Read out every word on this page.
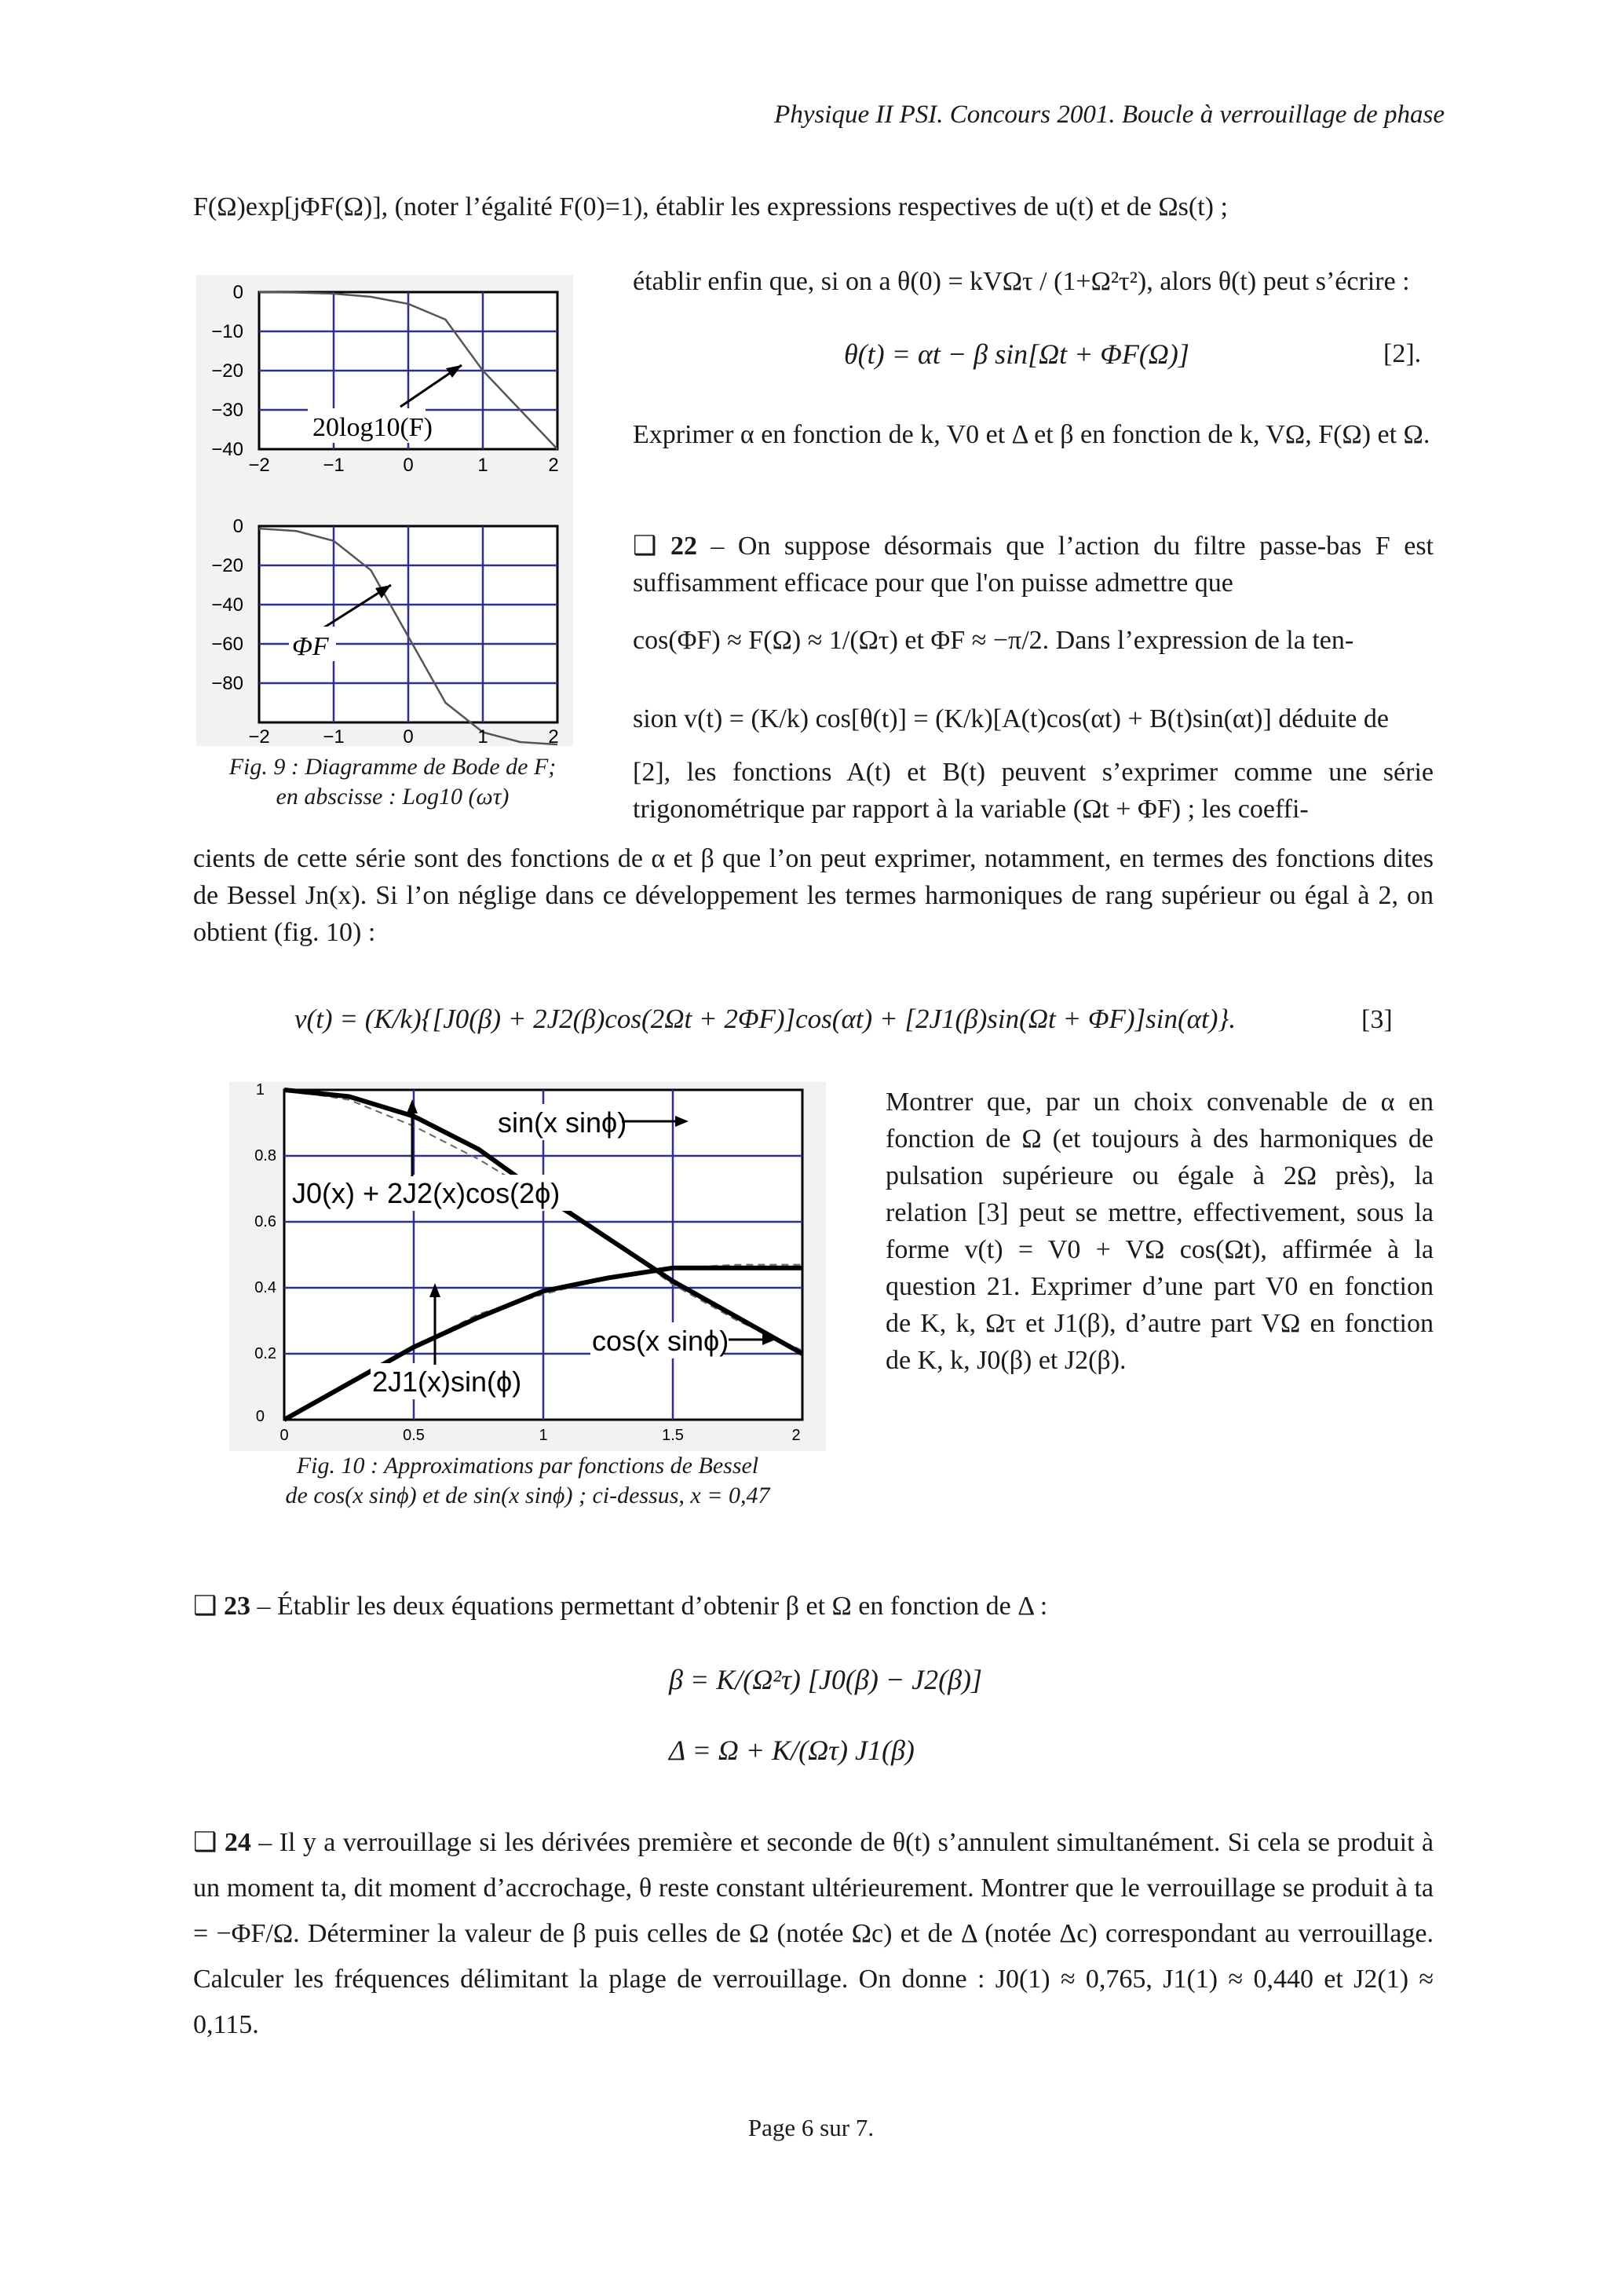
Physique II PSI. Concours 2001. Boucle à verrouillage de phase

F(Ω)exp[jΦF(Ω)], (noter l’égalité F(0)=1), établir les expressions respectives de u(t) et de Ωs(t) ;

0
−10
−20
−30
−40
−2	−1	0	1	2
20log10(F)
0
−20
−40
−60
−80
−2	−1	0	1	2
ΦF
Fig. 9 : Diagramme de Bode de F;
en abscisse : Log10 (ωτ)

établir enfin que, si on a θ(0) = kVΩτ / (1+Ω²τ²), alors θ(t) peut s’écrire :

θ(t) = αt − β sin[Ωt + ΦF(Ω)]	[2].

Exprimer α en fonction de k, V0 et Δ et β en fonction de k, VΩ, F(Ω) et Ω.

❑ 22 – On suppose désormais que l’action du filtre passe-bas F est suffisamment efficace pour que l'on puisse admettre que

cos(ΦF) ≈ F(Ω) ≈ 1/(Ωτ) et ΦF ≈ −π/2. Dans l’expression de la ten-

sion v(t) = (K/k) cos[θ(t)] = (K/k)[A(t)cos(αt) + B(t)sin(αt)] déduite de

[2], les fonctions A(t) et B(t) peuvent s’exprimer comme une série trigonométrique par rapport à la variable (Ωt + ΦF) ; les coeffi-

cients de cette série sont des fonctions de α et β que l’on peut exprimer, notamment, en termes des fonctions dites de Bessel Jn(x). Si l’on néglige dans ce développement les termes harmoniques de rang supérieur ou égal à 2, on obtient (fig. 10) :

v(t) = (K/k){[J0(β) + 2J2(β)cos(2Ωt + 2ΦF)]cos(αt) + [2J1(β)sin(Ωt + ΦF)]sin(αt)}.	[3]
1
0.8
0.6
0.4
0.2
0
0	0.5	1	1.5	2
sin(x sinϕ)
J0(x) + 2J2(x)cos(2ϕ)
cos(x sinϕ)
2J1(x)sin(ϕ)
Fig. 10 : Approximations par fonctions de Bessel
de cos(x sinϕ) et de sin(x sinϕ) ; ci-dessus, x = 0,47

Montrer que, par un choix convenable de α en fonction de Ω (et toujours à des harmoniques de pulsation supérieure ou égale à 2Ω près), la relation [3] peut se mettre, effectivement, sous la forme v(t) = V0 + VΩ cos(Ωt), affirmée à la question 21. Exprimer d’une part V0 en fonction de K, k, Ωτ et J1(β), d’autre part VΩ en fonction de K, k, J0(β) et J2(β).

❑ 23 – Établir les deux équations permettant d’obtenir β et Ω en fonction de Δ :

β = K/(Ω²τ) [J0(β) − J2(β)]
Δ = Ω + K/(Ωτ) J1(β)

❑ 24 – Il y a verrouillage si les dérivées première et seconde de θ(t) s’annulent simultanément. Si cela se produit à un moment ta, dit moment d’accrochage, θ reste constant ultérieurement. Montrer que le verrouillage se produit à ta = −ΦF/Ω. Déterminer la valeur de β puis celles de Ω (notée Ωc) et de Δ (notée Δc) correspondant au verrouillage. Calculer les fréquences délimitant la plage de verrouillage. On donne : J0(1) ≈ 0,765, J1(1) ≈ 0,440 et J2(1) ≈ 0,115.

Page 6 sur 7.
